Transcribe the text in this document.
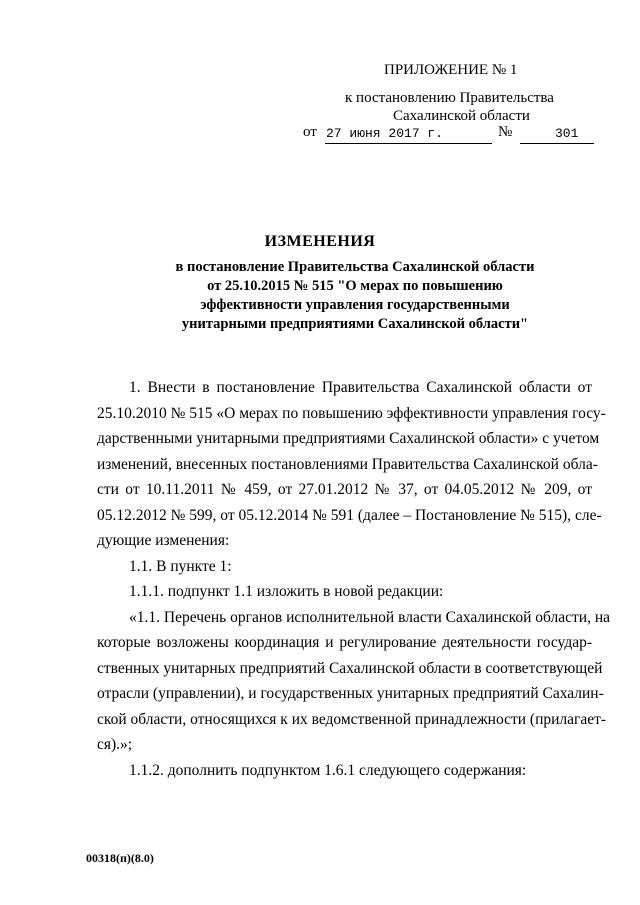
ПРИЛОЖЕНИЕ № 1
к постановлению Правительства
Сахалинской области
от 27 июня 2017 г.	№	301
ИЗМЕНЕНИЯ
в постановление Правительства Сахалинской области
от 25.10.2015 № 515 "О мерах по повышению
эффективности управления государственными
унитарными предприятиями Сахалинской области"
1. Внести в постановление Правительства Сахалинской области от
25.10.2010 № 515 «О мерах по повышению эффективности управления госу-
дарственными унитарными предприятиями Сахалинской области» с учетом
изменений, внесенных постановлениями Правительства Сахалинской обла-
сти от 10.11.2011 № 459, от 27.01.2012 № 37, от 04.05.2012 № 209, от
05.12.2012 № 599, от 05.12.2014 № 591 (далее – Постановление № 515), сле-
дующие изменения:
1.1. В пункте 1:
1.1.1. подпункт 1.1 изложить в новой редакции:
«1.1. Перечень органов исполнительной власти Сахалинской области, на
которые возложены координация и регулирование деятельности государ-
ственных унитарных предприятий Сахалинской области в соответствующей
отрасли (управлении), и государственных унитарных предприятий Сахалин-
ской области, относящихся к их ведомственной принадлежности (прилагает-
ся).»;
1.1.2. дополнить подпунктом 1.6.1 следующего содержания:
00318(п)(8.0)
